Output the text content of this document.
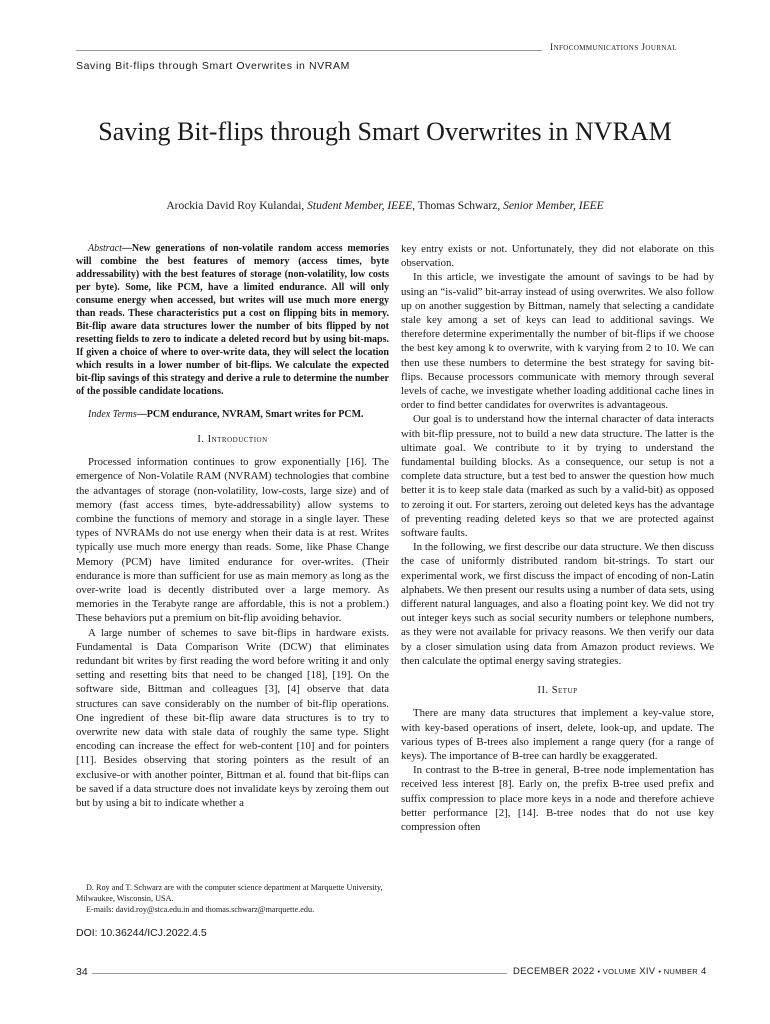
Infocommunications Journal
Saving Bit-flips through Smart Overwrites in NVRAM
Saving Bit-flips through Smart Overwrites in NVRAM
Arockia David Roy Kulandai, Student Member, IEEE, Thomas Schwarz, Senior Member, IEEE

Abstract—New generations of non-volatile random access memories will combine the best features of memory (access times, byte addressability) with the best features of storage (non-volatility, low costs per byte). Some, like PCM, have a limited endurance. All will only consume energy when accessed, but writes will use much more energy than reads. These characteristics put a cost on flipping bits in memory. Bit-flip aware data structures lower the number of bits flipped by not resetting fields to zero to indicate a deleted record but by using bit-maps. If given a choice of where to over-write data, they will select the location which results in a lower number of bit-flips. We calculate the expected bit-flip savings of this strategy and derive a rule to determine the number of the possible candidate locations.

Index Terms—PCM endurance, NVRAM, Smart writes for PCM.

I. Introduction

Processed information continues to grow exponentially [16]. The emergence of Non-Volatile RAM (NVRAM) technologies that combine the advantages of storage (non-volatility, low-costs, large size) and of memory (fast access times, byte-addressability) allow systems to combine the functions of memory and storage in a single layer. These types of NVRAMs do not use energy when their data is at rest. Writes typically use much more energy than reads. Some, like Phase Change Memory (PCM) have limited endurance for over-writes. (Their endurance is more than sufficient for use as main memory as long as the over-write load is decently distributed over a large memory. As memories in the Terabyte range are affordable, this is not a problem.) These behaviors put a premium on bit-flip avoiding behavior.

A large number of schemes to save bit-flips in hardware exists. Fundamental is Data Comparison Write (DCW) that eliminates redundant bit writes by first reading the word before writing it and only setting and resetting bits that need to be changed [18], [19]. On the software side, Bittman and colleagues [3], [4] observe that data structures can save considerably on the number of bit-flip operations. One ingredient of these bit-flip aware data structures is to try to overwrite new data with stale data of roughly the same type. Slight encoding can increase the effect for web-content [10] and for pointers [11]. Besides observing that storing pointers as the result of an exclusive-or with another pointer, Bittman et al. found that bit-flips can be saved if a data structure does not invalidate keys by zeroing them out but by using a bit to indicate whether a

D. Roy and T. Schwarz are with the computer science department at Marquette University, Milwaukee, Wisconsin, USA.

E-mails: david.roy@stca.edu.in and thomas.schwarz@marquette.edu.

DOI: 10.36244/ICJ.2022.4.5

key entry exists or not. Unfortunately, they did not elaborate on this observation.

In this article, we investigate the amount of savings to be had by using an “is-valid” bit-array instead of using overwrites. We also follow up on another suggestion by Bittman, namely that selecting a candidate stale key among a set of keys can lead to additional savings. We therefore determine experimentally the number of bit-flips if we choose the best key among k to overwrite, with k varying from 2 to 10. We can then use these numbers to determine the best strategy for saving bit-flips. Because processors communicate with memory through several levels of cache, we investigate whether loading additional cache lines in order to find better candidates for overwrites is advantageous.

Our goal is to understand how the internal character of data interacts with bit-flip pressure, not to build a new data structure. The latter is the ultimate goal. We contribute to it by trying to understand the fundamental building blocks. As a consequence, our setup is not a complete data structure, but a test bed to answer the question how much better it is to keep stale data (marked as such by a valid-bit) as opposed to zeroing it out. For starters, zeroing out deleted keys has the advantage of preventing reading deleted keys so that we are protected against software faults.

In the following, we first describe our data structure. We then discuss the case of uniformly distributed random bit-strings. To start our experimental work, we first discuss the impact of encoding of non-Latin alphabets. We then present our results using a number of data sets, using different natural languages, and also a floating point key. We did not try out integer keys such as social security numbers or telephone numbers, as they were not available for privacy reasons. We then verify our data by a closer simulation using data from Amazon product reviews. We then calculate the optimal energy saving strategies.

II. Setup

There are many data structures that implement a key-value store, with key-based operations of insert, delete, look-up, and update. The various types of B-trees also implement a range query (for a range of keys). The importance of B-tree can hardly be exaggerated.

In contrast to the B-tree in general, B-tree node implementation has received less interest [8]. Early on, the prefix B-tree used prefix and suffix compression to place more keys in a node and therefore achieve better performance [2], [14]. B-tree nodes that do not use key compression often

34	DECEMBER 2022 • VOLUME XIV • NUMBER 4
